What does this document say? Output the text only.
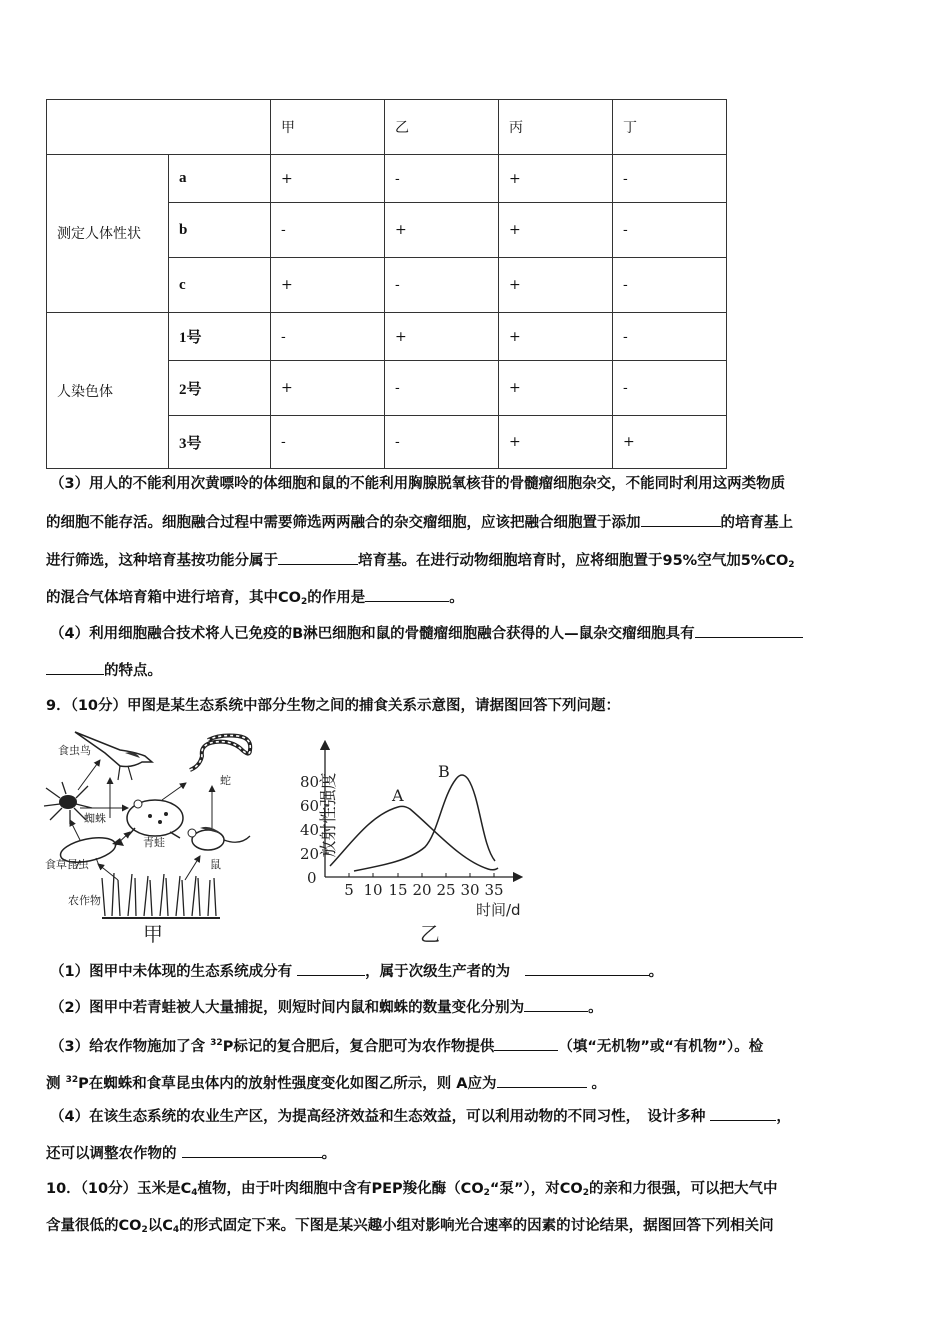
		甲	乙	丙	丁
测定人体性状	a	+	-	+	-
	b	-	+	+	-
	c	+	-	+	-
人染色体	1号	-	+	+	-
	2号	+	-	+	-
	3号	-	-	+	+
（3）用人的不能利用次黄嘌呤的体细胞和鼠的不能利用胸腺脱氧核苷的骨髓瘤细胞杂交，不能同时利用这两类物质
的细胞不能存活。细胞融合过程中需要筛选两两融合的杂交瘤细胞，应该把融合细胞置于添加	的培育基上
进行筛选，这种培育基按功能分属于	培育基。在进行动物细胞培育时，应将细胞置于95%空气加$5\%CO_2$
的混合气体培育箱中进行培育，其中$CO_2$的作用是	。
（4）利用细胞融合技术将人已免疫的B淋巴细胞和鼠的骨髓瘤细胞融合获得的人—鼠杂交瘤细胞具有
的特点。
9．（10分）甲图是某生态系统中部分生物之间的捕食关系示意图，请据图回答下列问题：
食虫鸟
蛇
蜘蛛
青蛙
食草昆虫	鼠
农作物
甲
0
20
40
60
80
5 10 15 20 25 30 35
放射性强度
时间/d
A
B
乙
（1）图甲中未体现的生态系统成分有	，属于次级生产者的为　	。
（2）图甲中若青蛙被人大量捕捉，则短时间内鼠和蜘蛛的数量变化分别为	。
（3）给农作物施加了含 $^{32}$P标记的复合肥后，复合肥可为农作物提供	（填“无机物”或“有机物”）。检
测 $^{32}$P在蜘蛛和食草昆虫体内的放射性强度变化如图乙所示，则 A应为	。
（4）在该生态系统的农业生产区，为提高经济效益和生态效益，可以利用动物的不同习性，　设计多种	，
还可以调整农作物的	。
10．（10分）玉米是$C_4$植物，由于叶肉细胞中含有PEP羧化酶（$CO_2“$泵”），对$CO_2$的亲和力很强，可以把大气中
含量很低的$CO_2$以$C_4$的形式固定下来。下图是某兴趣小组对影响光合速率的因素的讨论结果，据图回答下列相关问
